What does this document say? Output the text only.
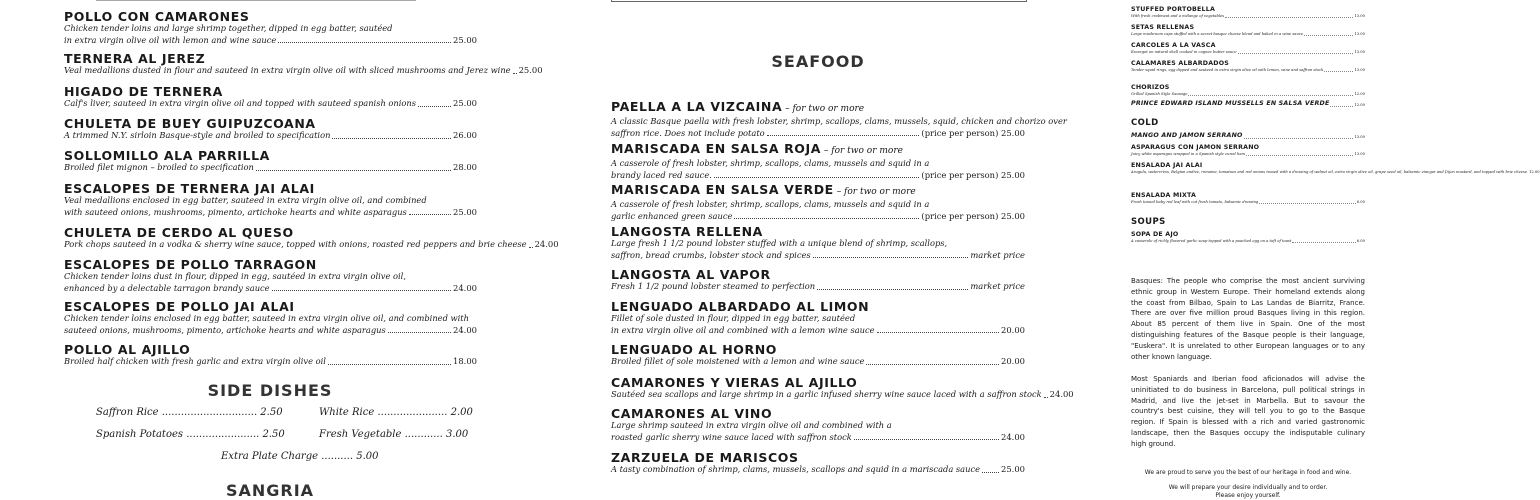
POLLO CON CAMARONES
Chicken tender loins and large shrimp together, dipped in egg batter, sautéed
in extra virgin olive oil with lemon and wine sauce	25.00
TERNERA AL JEREZ
Veal medallions dusted in flour and sauteed in extra virgin olive oil with sliced mushrooms and Jerez wine 25.00
HIGADO DE TERNERA
Calf's liver, sauteed in extra virgin olive oil and topped with sauteed spanish onions	25.00
CHULETA DE BUEY GUIPUZCOANA
A trimmed N.Y. sirloin Basque-style and broiled to specification	26.00
SOLLOMILLO ALA PARRILLA
Broiled filet mignon – broiled to specification	28.00
ESCALOPES DE TERNERA JAI ALAI
Veal medallions enclosed in egg batter, sauteed in extra virgin olive oil, and combined
with sauteed onions, mushrooms, pimento, artichoke hearts and white asparagus	25.00
CHULETA DE CERDO AL QUESO
Pork chops sauteed in a vodka & sherry wine sauce, topped with onions, roasted red peppers and brie cheese 24.00
ESCALOPES DE POLLO TARRAGON
Chicken tender loins dust in flour, dipped in egg, sautéed in extra virgin olive oil,
enhanced by a delectable tarragon brandy sauce	24.00
ESCALOPES DE POLLO JAI ALAI
Chicken tender loins enclosed in egg batter, sauteed in extra virgin olive oil, and combined with
sauteed onions, mushrooms, pimento, artichoke hearts and white asparagus	24.00
POLLO AL AJILLO
Broiled half chicken with fresh garlic and extra virgin olive oil	18.00
SIDE DISHES
Saffron Rice .............................. 2.50	White Rice ...................... 2.00
Spanish Potatoes ....................... 2.50	Fresh Vegetable ............ 3.00
Extra Plate Charge .......... 5.00
SANGRIA
SEAFOOD
PAELLA A LA VIZCAINA – for two or more
A classic Basque paella with fresh lobster, shrimp, scallops, clams, mussels, squid, chicken and chorizo over
saffron rice. Does not include potato	(price per person) 25.00
MARISCADA EN SALSA ROJA – for two or more
A casserole of fresh lobster, shrimp, scallops, clams, mussels and squid in a
brandy laced red sauce.	(price per person) 25.00
MARISCADA EN SALSA VERDE – for two or more
A casserole of fresh lobster, shrimp, scallops, clams, mussels and squid in a
garlic enhanced green sauce	(price per person) 25.00
LANGOSTA RELLENA
Large fresh 1 1/2 pound lobster stuffed with a unique blend of shrimp, scallops,
saffron, bread crumbs, lobster stock and spices	market price
LANGOSTA AL VAPOR
Fresh 1 1/2 pound lobster steamed to perfection	market price
LENGUADO ALBARDADO AL LIMON
Fillet of sole dusted in flour, dipped in egg batter, sautéed
in extra virgin olive oil and combined with a lemon wine sauce	20.00
LENGUADO AL HORNO
Broiled fillet of sole moistened with a lemon and wine sauce	20.00
CAMARONES Y VIERAS AL AJILLO
Sautéed sea scallops and large shrimp in a garlic infused sherry wine sauce laced with a saffron stock 24.00
CAMARONES AL VINO
Large shrimp sauteed in extra virgin olive oil and combined with a
roasted garlic sherry wine sauce laced with saffron stock	24.00
ZARZUELA DE MARISCOS
A tasty combination of shrimp, clams, mussels, scallops and squid in a mariscada sauce 25.00
STUFFED PORTOBELLA
With fresh crabmeat and a mélange of vegetables	13.00
SETAS RELLENAS
Large mushroom caps stuffed with a secret basque cheese blend and baked in a wine sauce	13.00
CARCOLES A LA VASCA
Escargot on natural shell cooked in cognac butter sauce	13.00
CALAMARES ALBARDADOS
Tender squid rings, egg dipped and sauteed in extra virgin olive oil with lemon, wine and saffron stock	13.00
CHORIZOS
Grilled Spanish Style Sausage	12.00
PRINCE EDWARD ISLAND MUSSELLS EN SALSA VERDE	12.00
COLD
MANGO AND JAMON SERRANO	13.00
ASPARAGUS CON JAMON SERRANO
Juicy white asparagus wrapped in a Spanish style cured ham	13.00
ENSALADA JAI ALAI
Arugula, watercress, Belgian endive, romaine, tomatoes and red onions tossed with a dressing of walnut oil, extra virgin olive oil, grape seed oil, balsamic vinegar and Dijon mustard, and topped with brie cheese 12.00
ENSALADA MIXTA
Fresh tossed baby red leaf with cut fresh tomato, balsamic dressing	6.00
SOUPS
SOPA DE AJO
A casserole of richly flavored garlic soup topped with a poached egg on a toft of toast	6.00
Basques: The people who comprise the most ancient surviving ethnic group in Western Europe. Their homeland extends along the coast from Bilbao, Spain to Las Landas de Biarritz, France. There are over five million proud Basques living in this region. About 85 percent of them live in Spain. One of the most distinguishing features of the Basque people is their language, "Euskera". It is unrelated to other European languages or to any other known language.
Most Spaniards and Iberian food aficionados will advise the uninitiated to do business in Barcelona, pull political strings in Madrid, and live the jet-set in Marbella. But to savour the country's best cuisine, they will tell you to go to the Basque region. If Spain is blessed with a rich and varied gastronomic landscape, then the Basques occupy the indisputable culinary high ground.
We are proud to serve you the best of our heritage in food and wine.
We will prepare your desire individually and to order.
Please enjoy yourself.
